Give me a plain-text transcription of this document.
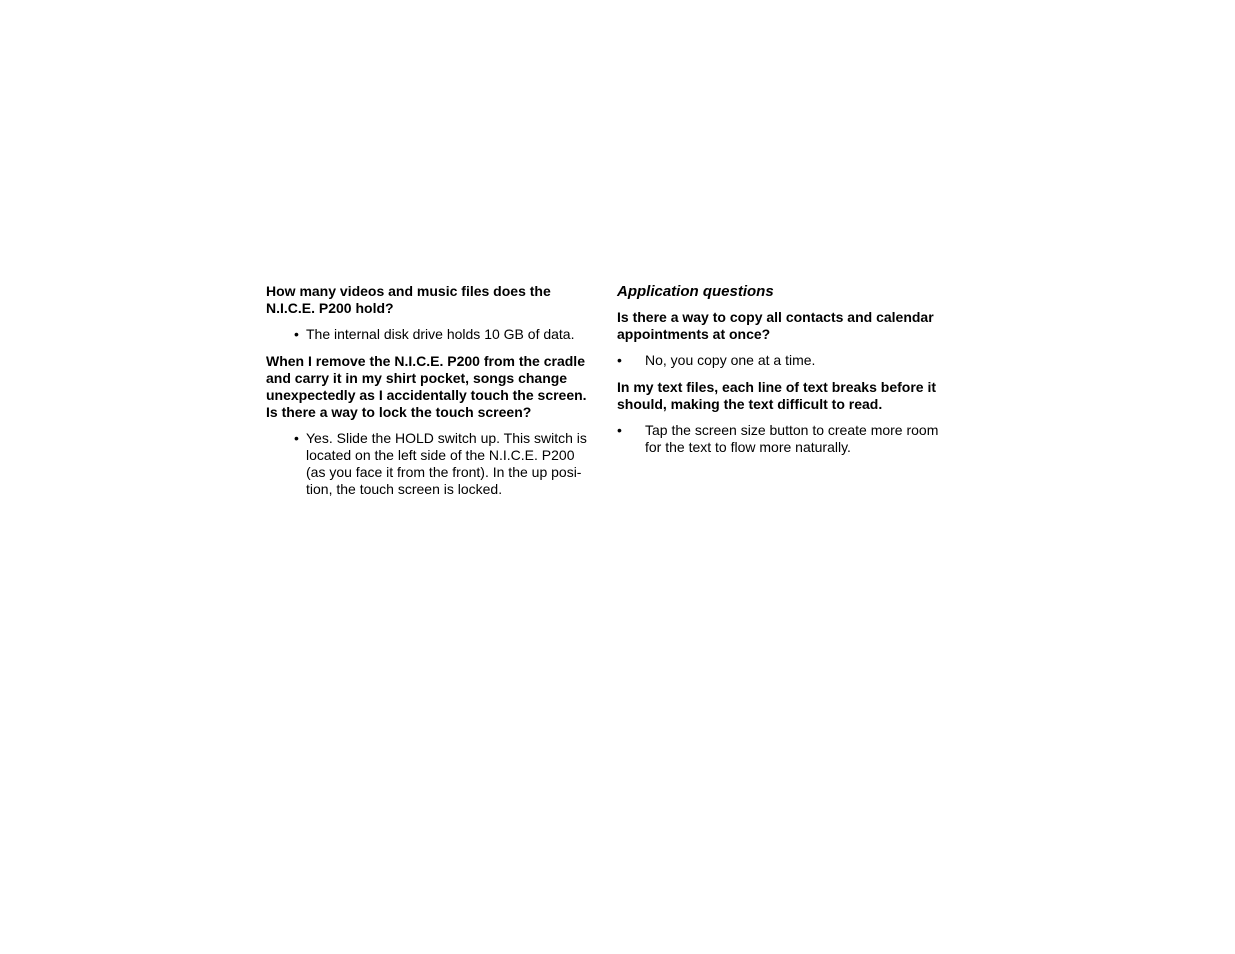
How many videos and music files does the N.I.C.E. P200 hold?
• The internal disk drive holds 10 GB of data.
When I remove the N.I.C.E. P200 from the cradle and carry it in my shirt pocket, songs change unexpectedly as I accidentally touch the screen. Is there a way to lock the touch screen?
• Yes. Slide the HOLD switch up. This switch is located on the left side of the N.I.C.E. P200 (as you face it from the front). In the up posi-tion, the touch screen is locked.
Application questions
Is there a way to copy all contacts and calendar appointments at once?
• No, you copy one at a time.
In my text files, each line of text breaks before it should, making the text difficult to read.
• Tap the screen size button to create more room for the text to flow more naturally.
